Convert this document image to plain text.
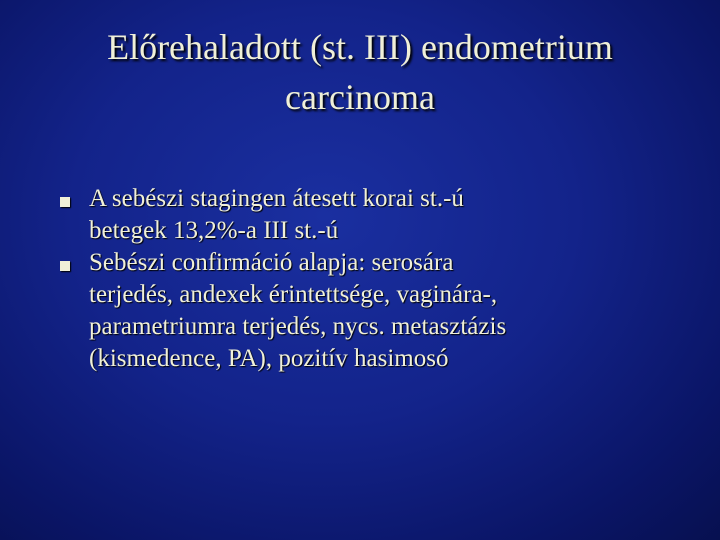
Előrehaladott (st. III) endometrium
carcinoma
A sebészi stagingen átesett korai st.-ú
betegek 13,2%-a III st.-ú
Sebészi confirmáció alapja: serosára
terjedés, andexek érintettsége, vaginára-,
parametriumra terjedés, nycs. metasztázis
(kismedence, PA), pozitív hasimosó
